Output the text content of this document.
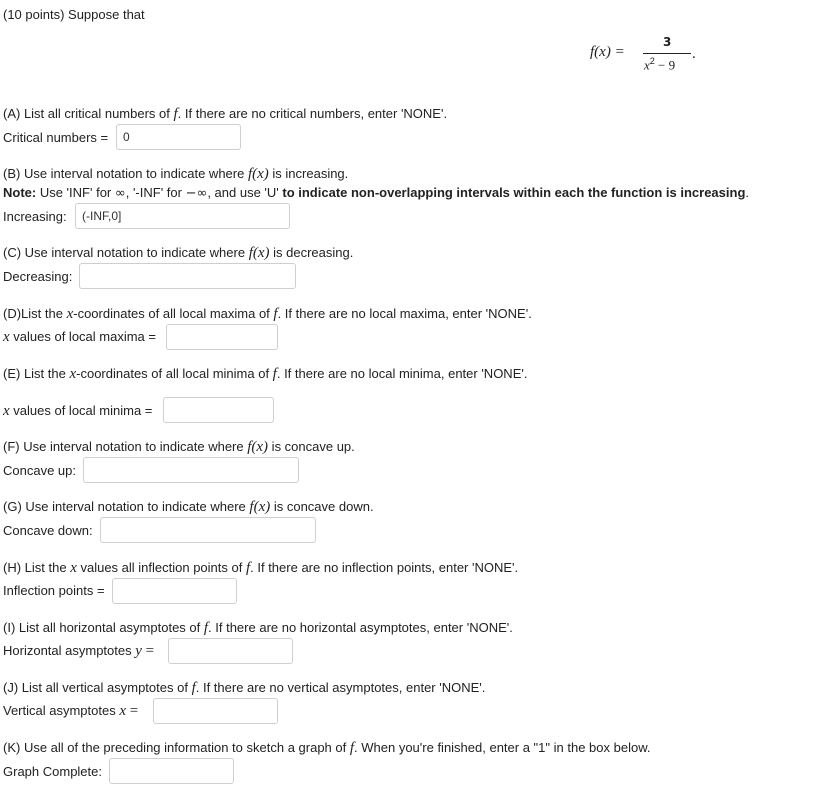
(10 points) Suppose that
f(x) =
3
$x^2 - 9$
.
(A) List all critical numbers of f. If there are no critical numbers, enter 'NONE'.
Critical numbers =
0
(B) Use interval notation to indicate where f(x) is increasing.
Note: Use 'INF' for ∞, '-INF' for −∞, and use 'U' to indicate non-overlapping intervals within each the function is increasing.
Increasing:
(-INF,0]
(C) Use interval notation to indicate where f(x) is decreasing.
Decreasing:
(D)List the x-coordinates of all local maxima of f. If there are no local maxima, enter 'NONE'.
x values of local maxima =
(E) List the x-coordinates of all local minima of f. If there are no local minima, enter 'NONE'.
x values of local minima =
(F) Use interval notation to indicate where f(x) is concave up.
Concave up:
(G) Use interval notation to indicate where f(x) is concave down.
Concave down:
(H) List the x values all inflection points of f. If there are no inflection points, enter 'NONE'.
Inflection points =
(I) List all horizontal asymptotes of f. If there are no horizontal asymptotes, enter 'NONE'.
Horizontal asymptotes y =
(J) List all vertical asymptotes of f. If there are no vertical asymptotes, enter 'NONE'.
Vertical asymptotes x =
(K) Use all of the preceding information to sketch a graph of f. When you're finished, enter a "1" in the box below.
Graph Complete:
